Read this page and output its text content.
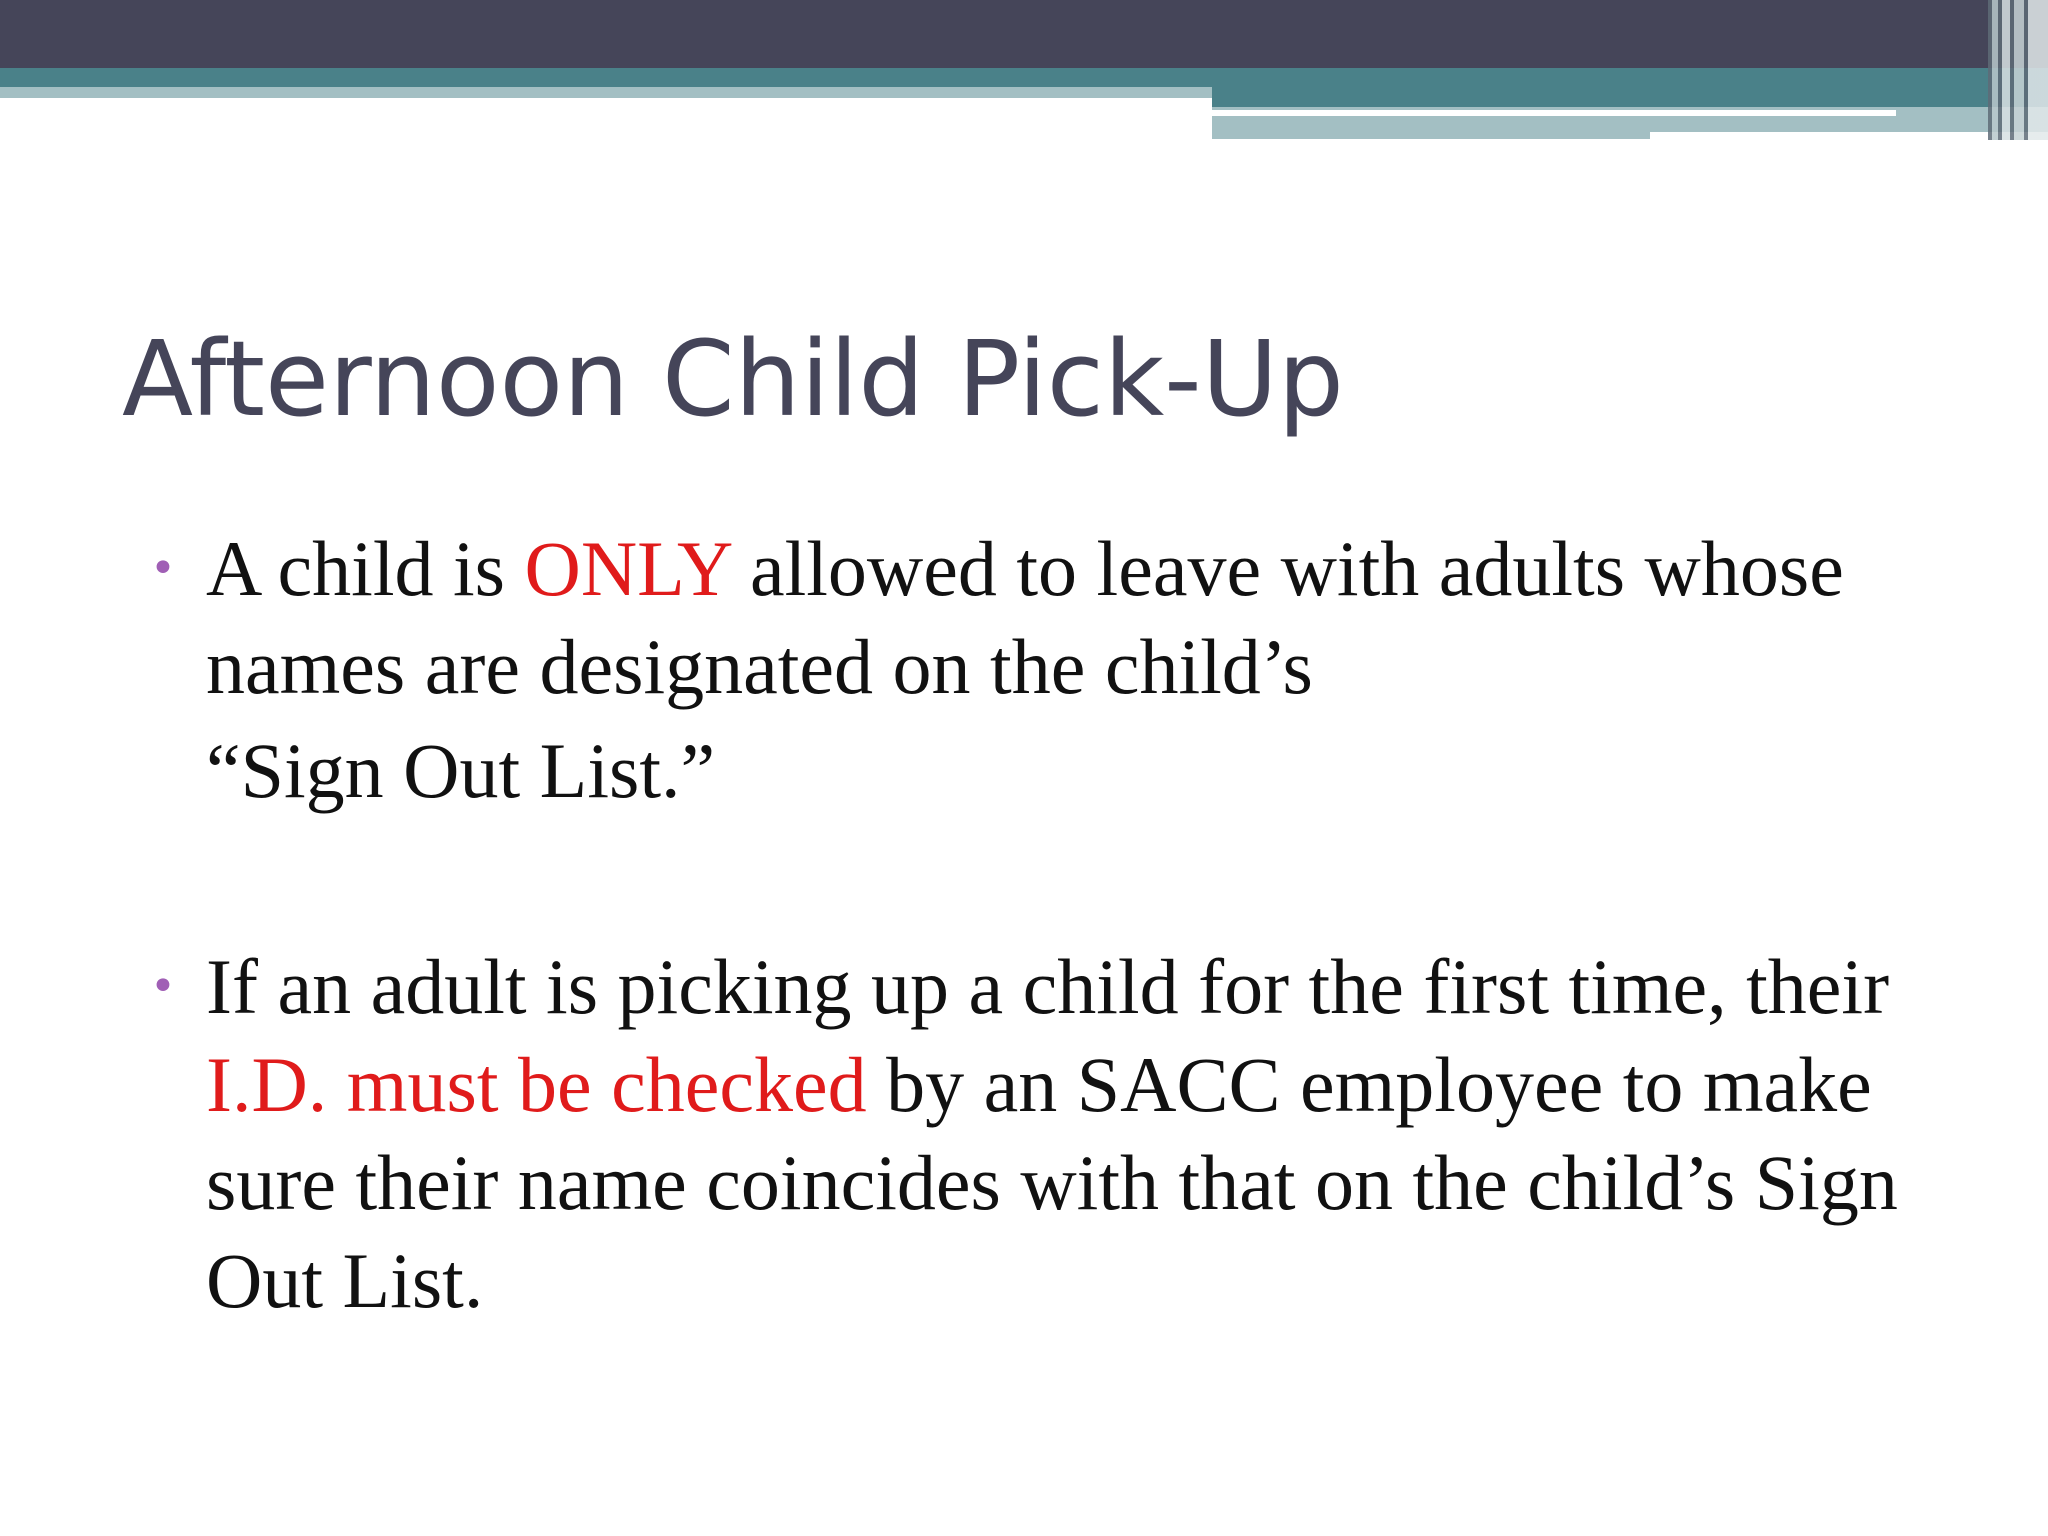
Afternoon Child Pick-Up
• A child is ONLY allowed to leave with adults whose names are designated on the child’s
“Sign Out List.”
• If an adult is picking up a child for the first time, their I.D. must be checked by an SACC employee to make sure their name coincides with that on the child’s Sign Out List.
